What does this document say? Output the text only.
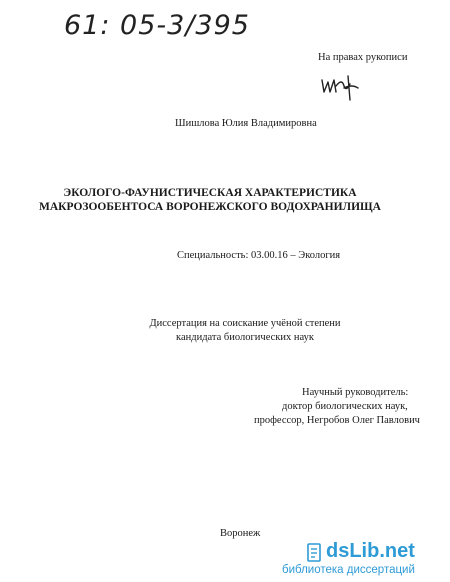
61: 05-3/395
На правах рукописи
Шишлова Юлия Владимировна
ЭКОЛОГО-ФАУНИСТИЧЕСКАЯ ХАРАКТЕРИСТИКА
МАКРОЗООБЕНТОСА ВОРОНЕЖСКОГО ВОДОХРАНИЛИЩА
Специальность: 03.00.16 – Экология
Диссертация на соискание учёной степени
кандидата биологических наук
Научный руководитель:
доктор биологических наук,
профессор, Негробов Олег Павлович
Воронеж
dsLib.net
библиотека диссертаций
